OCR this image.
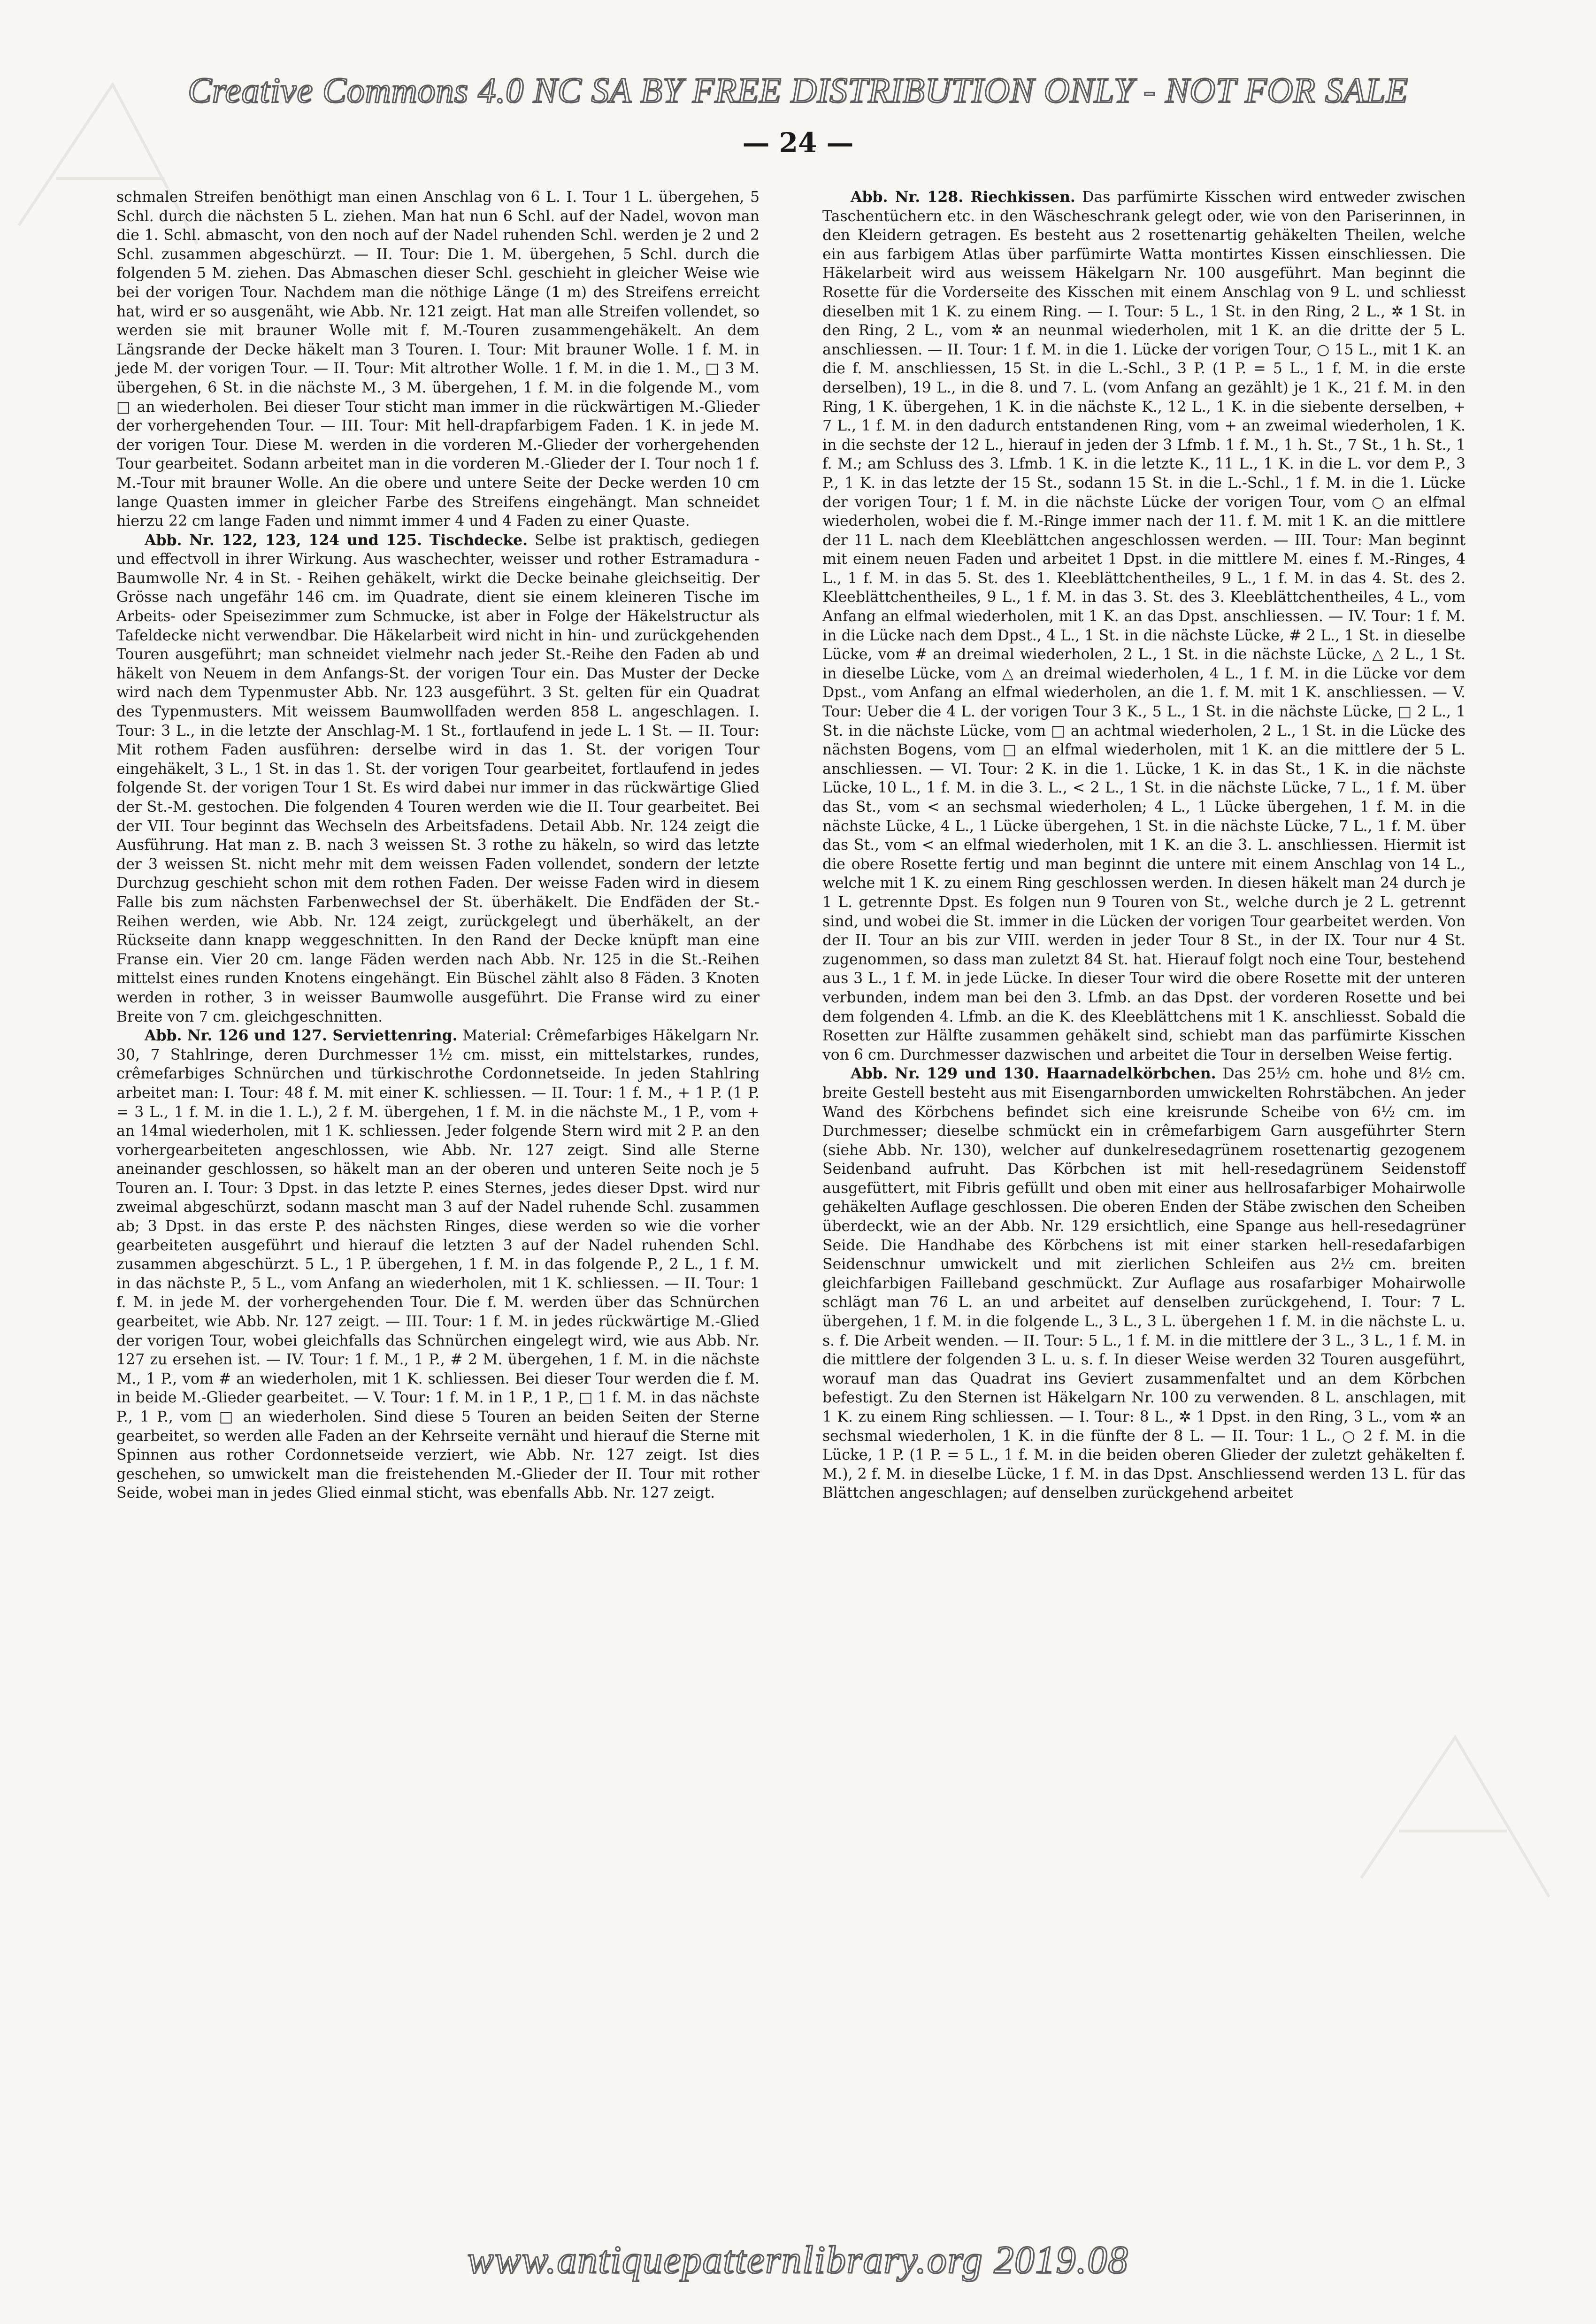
Creative Commons 4.0 NC SA BY FREE DISTRIBUTION ONLY - NOT FOR SALE
— 24 —

schmalen Streifen benöthigt man einen Anschlag von 6 L. I. Tour 1 L. übergehen, 5 Schl. durch die nächsten 5 L. ziehen. Man hat nun 6 Schl. auf der Nadel, wovon man die 1. Schl. abmascht, von den noch auf der Nadel ruhenden Schl. werden je 2 und 2 Schl. zusammen abgeschürzt. — II. Tour: Die 1. M. übergehen, 5 Schl. durch die folgenden 5 M. ziehen. Das Abmaschen dieser Schl. geschieht in gleicher Weise wie bei der vorigen Tour. Nachdem man die nöthige Länge (1 m) des Streifens erreicht hat, wird er so ausgenäht, wie Abb. Nr. 121 zeigt. Hat man alle Streifen vollendet, so werden sie mit brauner Wolle mit f. M.-Touren zusammengehäkelt. An dem Längsrande der Decke häkelt man 3 Touren. I. Tour: Mit brauner Wolle. 1 f. M. in jede M. der vorigen Tour. — II. Tour: Mit altrother Wolle. 1 f. M. in die 1. M., □ 3 M. übergehen, 6 St. in die nächste M., 3 M. übergehen, 1 f. M. in die folgende M., vom □ an wiederholen. Bei dieser Tour sticht man immer in die rückwärtigen M.-Glieder der vorhergehenden Tour. — III. Tour: Mit hell-drapfarbigem Faden. 1 K. in jede M. der vorigen Tour. Diese M. werden in die vorderen M.-Glieder der vorhergehenden Tour gearbeitet. Sodann arbeitet man in die vorderen M.-Glieder der I. Tour noch 1 f. M.-Tour mit brauner Wolle. An die obere und untere Seite der Decke werden 10 cm lange Quasten immer in gleicher Farbe des Streifens eingehängt. Man schneidet hierzu 22 cm lange Faden und nimmt immer 4 und 4 Faden zu einer Quaste.

Abb. Nr. 122, 123, 124 und 125. Tischdecke. Selbe ist praktisch, gediegen und effectvoll in ihrer Wirkung. Aus waschechter, weisser und rother Estramadura - Baumwolle Nr. 4 in St. - Reihen gehäkelt, wirkt die Decke beinahe gleichseitig. Der Grösse nach ungefähr 146 cm. im Quadrate, dient sie einem kleineren Tische im Arbeits- oder Speisezimmer zum Schmucke, ist aber in Folge der Häkelstructur als Tafeldecke nicht verwendbar. Die Häkelarbeit wird nicht in hin- und zurückgehenden Touren ausgeführt; man schneidet vielmehr nach jeder St.-Reihe den Faden ab und häkelt von Neuem in dem Anfangs-St. der vorigen Tour ein. Das Muster der Decke wird nach dem Typenmuster Abb. Nr. 123 ausgeführt. 3 St. gelten für ein Quadrat des Typenmusters. Mit weissem Baumwollfaden werden 858 L. angeschlagen. I. Tour: 3 L., in die letzte der Anschlag-M. 1 St., fortlaufend in jede L. 1 St. — II. Tour: Mit rothem Faden ausführen: derselbe wird in das 1. St. der vorigen Tour eingehäkelt, 3 L., 1 St. in das 1. St. der vorigen Tour gearbeitet, fortlaufend in jedes folgende St. der vorigen Tour 1 St. Es wird dabei nur immer in das rückwärtige Glied der St.-M. gestochen. Die folgenden 4 Touren werden wie die II. Tour gearbeitet. Bei der VII. Tour beginnt das Wechseln des Arbeitsfadens. Detail Abb. Nr. 124 zeigt die Ausführung. Hat man z. B. nach 3 weissen St. 3 rothe zu häkeln, so wird das letzte der 3 weissen St. nicht mehr mit dem weissen Faden vollendet, sondern der letzte Durchzug geschieht schon mit dem rothen Faden. Der weisse Faden wird in diesem Falle bis zum nächsten Farbenwechsel der St. überhäkelt. Die Endfäden der St.-Reihen werden, wie Abb. Nr. 124 zeigt, zurückgelegt und überhäkelt, an der Rückseite dann knapp weggeschnitten. In den Rand der Decke knüpft man eine Franse ein. Vier 20 cm. lange Fäden werden nach Abb. Nr. 125 in die St.-Reihen mittelst eines runden Knotens eingehängt. Ein Büschel zählt also 8 Fäden. 3 Knoten werden in rother, 3 in weisser Baumwolle ausgeführt. Die Franse wird zu einer Breite von 7 cm. gleichgeschnitten.

Abb. Nr. 126 und 127. Serviettenring. Material: Crêmefarbiges Häkelgarn Nr. 30, 7 Stahlringe, deren Durchmesser 1½ cm. misst, ein mittelstarkes, rundes, crêmefarbiges Schnürchen und türkischrothe Cordonnetseide. In jeden Stahlring arbeitet man: I. Tour: 48 f. M. mit einer K. schliessen. — II. Tour: 1 f. M., + 1 P. (1 P. = 3 L., 1 f. M. in die 1. L.), 2 f. M. übergehen, 1 f. M. in die nächste M., 1 P., vom + an 14mal wiederholen, mit 1 K. schliessen. Jeder folgende Stern wird mit 2 P. an den vorhergearbeiteten angeschlossen, wie Abb. Nr. 127 zeigt. Sind alle Sterne aneinander geschlossen, so häkelt man an der oberen und unteren Seite noch je 5 Touren an. I. Tour: 3 Dpst. in das letzte P. eines Sternes, jedes dieser Dpst. wird nur zweimal abgeschürzt, sodann mascht man 3 auf der Nadel ruhende Schl. zusammen ab; 3 Dpst. in das erste P. des nächsten Ringes, diese werden so wie die vorher gearbeiteten ausgeführt und hierauf die letzten 3 auf der Nadel ruhenden Schl. zusammen abgeschürzt. 5 L., 1 P. übergehen, 1 f. M. in das folgende P., 2 L., 1 f. M. in das nächste P., 5 L., vom Anfang an wiederholen, mit 1 K. schliessen. — II. Tour: 1 f. M. in jede M. der vorhergehenden Tour. Die f. M. werden über das Schnürchen gearbeitet, wie Abb. Nr. 127 zeigt. — III. Tour: 1 f. M. in jedes rückwärtige M.-Glied der vorigen Tour, wobei gleichfalls das Schnürchen eingelegt wird, wie aus Abb. Nr. 127 zu ersehen ist. — IV. Tour: 1 f. M., 1 P., # 2 M. übergehen, 1 f. M. in die nächste M., 1 P., vom # an wiederholen, mit 1 K. schliessen. Bei dieser Tour werden die f. M. in beide M.-Glieder gearbeitet. — V. Tour: 1 f. M. in 1 P., 1 P., □ 1 f. M. in das nächste P., 1 P., vom □ an wiederholen. Sind diese 5 Touren an beiden Seiten der Sterne gearbeitet, so werden alle Faden an der Kehrseite vernäht und hierauf die Sterne mit Spinnen aus rother Cordonnetseide verziert, wie Abb. Nr. 127 zeigt. Ist dies geschehen, so umwickelt man die freistehenden M.-Glieder der II. Tour mit rother Seide, wobei man in jedes Glied einmal sticht, was ebenfalls Abb. Nr. 127 zeigt.

Abb. Nr. 128. Riechkissen. Das parfümirte Kisschen wird entweder zwischen Taschentüchern etc. in den Wäscheschrank gelegt oder, wie von den Pariserinnen, in den Kleidern getragen. Es besteht aus 2 rosettenartig gehäkelten Theilen, welche ein aus farbigem Atlas über parfümirte Watta montirtes Kissen einschliessen. Die Häkelarbeit wird aus weissem Häkelgarn Nr. 100 ausgeführt. Man beginnt die Rosette für die Vorderseite des Kisschen mit einem Anschlag von 9 L. und schliesst dieselben mit 1 K. zu einem Ring. — I. Tour: 5 L., 1 St. in den Ring, 2 L., ✲ 1 St. in den Ring, 2 L., vom ✲ an neunmal wiederholen, mit 1 K. an die dritte der 5 L. anschliessen. — II. Tour: 1 f. M. in die 1. Lücke der vorigen Tour, ○ 15 L., mit 1 K. an die f. M. anschliessen, 15 St. in die L.-Schl., 3 P. (1 P. = 5 L., 1 f. M. in die erste derselben), 19 L., in die 8. und 7. L. (vom Anfang an gezählt) je 1 K., 21 f. M. in den Ring, 1 K. übergehen, 1 K. in die nächste K., 12 L., 1 K. in die siebente derselben, + 7 L., 1 f. M. in den dadurch entstandenen Ring, vom + an zweimal wiederholen, 1 K. in die sechste der 12 L., hierauf in jeden der 3 Lfmb. 1 f. M., 1 h. St., 7 St., 1 h. St., 1 f. M.; am Schluss des 3. Lfmb. 1 K. in die letzte K., 11 L., 1 K. in die L. vor dem P., 3 P., 1 K. in das letzte der 15 St., sodann 15 St. in die L.-Schl., 1 f. M. in die 1. Lücke der vorigen Tour; 1 f. M. in die nächste Lücke der vorigen Tour, vom ○ an elfmal wiederholen, wobei die f. M.-Ringe immer nach der 11. f. M. mit 1 K. an die mittlere der 11 L. nach dem Kleeblättchen angeschlossen werden. — III. Tour: Man beginnt mit einem neuen Faden und arbeitet 1 Dpst. in die mittlere M. eines f. M.-Ringes, 4 L., 1 f. M. in das 5. St. des 1. Kleeblättchentheiles, 9 L., 1 f. M. in das 4. St. des 2. Kleeblättchentheiles, 9 L., 1 f. M. in das 3. St. des 3. Kleeblättchentheiles, 4 L., vom Anfang an elfmal wiederholen, mit 1 K. an das Dpst. anschliessen. — IV. Tour: 1 f. M. in die Lücke nach dem Dpst., 4 L., 1 St. in die nächste Lücke, # 2 L., 1 St. in dieselbe Lücke, vom # an dreimal wiederholen, 2 L., 1 St. in die nächste Lücke, △ 2 L., 1 St. in dieselbe Lücke, vom △ an dreimal wiederholen, 4 L., 1 f. M. in die Lücke vor dem Dpst., vom Anfang an elfmal wiederholen, an die 1. f. M. mit 1 K. anschliessen. — V. Tour: Ueber die 4 L. der vorigen Tour 3 K., 5 L., 1 St. in die nächste Lücke, □ 2 L., 1 St. in die nächste Lücke, vom □ an achtmal wiederholen, 2 L., 1 St. in die Lücke des nächsten Bogens, vom □ an elfmal wiederholen, mit 1 K. an die mittlere der 5 L. anschliessen. — VI. Tour: 2 K. in die 1. Lücke, 1 K. in das St., 1 K. in die nächste Lücke, 10 L., 1 f. M. in die 3. L., < 2 L., 1 St. in die nächste Lücke, 7 L., 1 f. M. über das St., vom < an sechsmal wiederholen; 4 L., 1 Lücke übergehen, 1 f. M. in die nächste Lücke, 4 L., 1 Lücke übergehen, 1 St. in die nächste Lücke, 7 L., 1 f. M. über das St., vom < an elfmal wiederholen, mit 1 K. an die 3. L. anschliessen. Hiermit ist die obere Rosette fertig und man beginnt die untere mit einem Anschlag von 14 L., welche mit 1 K. zu einem Ring geschlossen werden. In diesen häkelt man 24 durch je 1 L. getrennte Dpst. Es folgen nun 9 Touren von St., welche durch je 2 L. getrennt sind, und wobei die St. immer in die Lücken der vorigen Tour gearbeitet werden. Von der II. Tour an bis zur VIII. werden in jeder Tour 8 St., in der IX. Tour nur 4 St. zugenommen, so dass man zuletzt 84 St. hat. Hierauf folgt noch eine Tour, bestehend aus 3 L., 1 f. M. in jede Lücke. In dieser Tour wird die obere Rosette mit der unteren verbunden, indem man bei den 3. Lfmb. an das Dpst. der vorderen Rosette und bei dem folgenden 4. Lfmb. an die K. des Kleeblättchens mit 1 K. anschliesst. Sobald die Rosetten zur Hälfte zusammen gehäkelt sind, schiebt man das parfümirte Kisschen von 6 cm. Durchmesser dazwischen und arbeitet die Tour in derselben Weise fertig.

Abb. Nr. 129 und 130. Haarnadelkörbchen. Das 25½ cm. hohe und 8½ cm. breite Gestell besteht aus mit Eisengarnborden umwickelten Rohrstäbchen. An jeder Wand des Körbchens befindet sich eine kreisrunde Scheibe von 6½ cm. im Durchmesser; dieselbe schmückt ein in crêmefarbigem Garn ausgeführter Stern (siehe Abb. Nr. 130), welcher auf dunkelresedagrünem rosettenartig gezogenem Seidenband aufruht. Das Körbchen ist mit hell-resedagrünem Seidenstoff ausgefüttert, mit Fibris gefüllt und oben mit einer aus hellrosafarbiger Mohairwolle gehäkelten Auflage geschlossen. Die oberen Enden der Stäbe zwischen den Scheiben überdeckt, wie an der Abb. Nr. 129 ersichtlich, eine Spange aus hell-resedagrüner Seide. Die Handhabe des Körbchens ist mit einer starken hell-resedafarbigen Seidenschnur umwickelt und mit zierlichen Schleifen aus 2½ cm. breiten gleichfarbigen Failleband geschmückt. Zur Auflage aus rosafarbiger Mohairwolle schlägt man 76 L. an und arbeitet auf denselben zurückgehend, I. Tour: 7 L. übergehen, 1 f. M. in die folgende L., 3 L., 3 L. übergehen 1 f. M. in die nächste L. u. s. f. Die Arbeit wenden. — II. Tour: 5 L., 1 f. M. in die mittlere der 3 L., 3 L., 1 f. M. in die mittlere der folgenden 3 L. u. s. f. In dieser Weise werden 32 Touren ausgeführt, worauf man das Quadrat ins Geviert zusammenfaltet und an dem Körbchen befestigt. Zu den Sternen ist Häkelgarn Nr. 100 zu verwenden. 8 L. anschlagen, mit 1 K. zu einem Ring schliessen. — I. Tour: 8 L., ✲ 1 Dpst. in den Ring, 3 L., vom ✲ an sechsmal wiederholen, 1 K. in die fünfte der 8 L. — II. Tour: 1 L., ○ 2 f. M. in die Lücke, 1 P. (1 P. = 5 L., 1 f. M. in die beiden oberen Glieder der zuletzt gehäkelten f. M.), 2 f. M. in dieselbe Lücke, 1 f. M. in das Dpst. Anschliessend werden 13 L. für das Blättchen angeschlagen; auf denselben zurückgehend arbeitet

www.antiquepatternlibrary.org 2019.08
